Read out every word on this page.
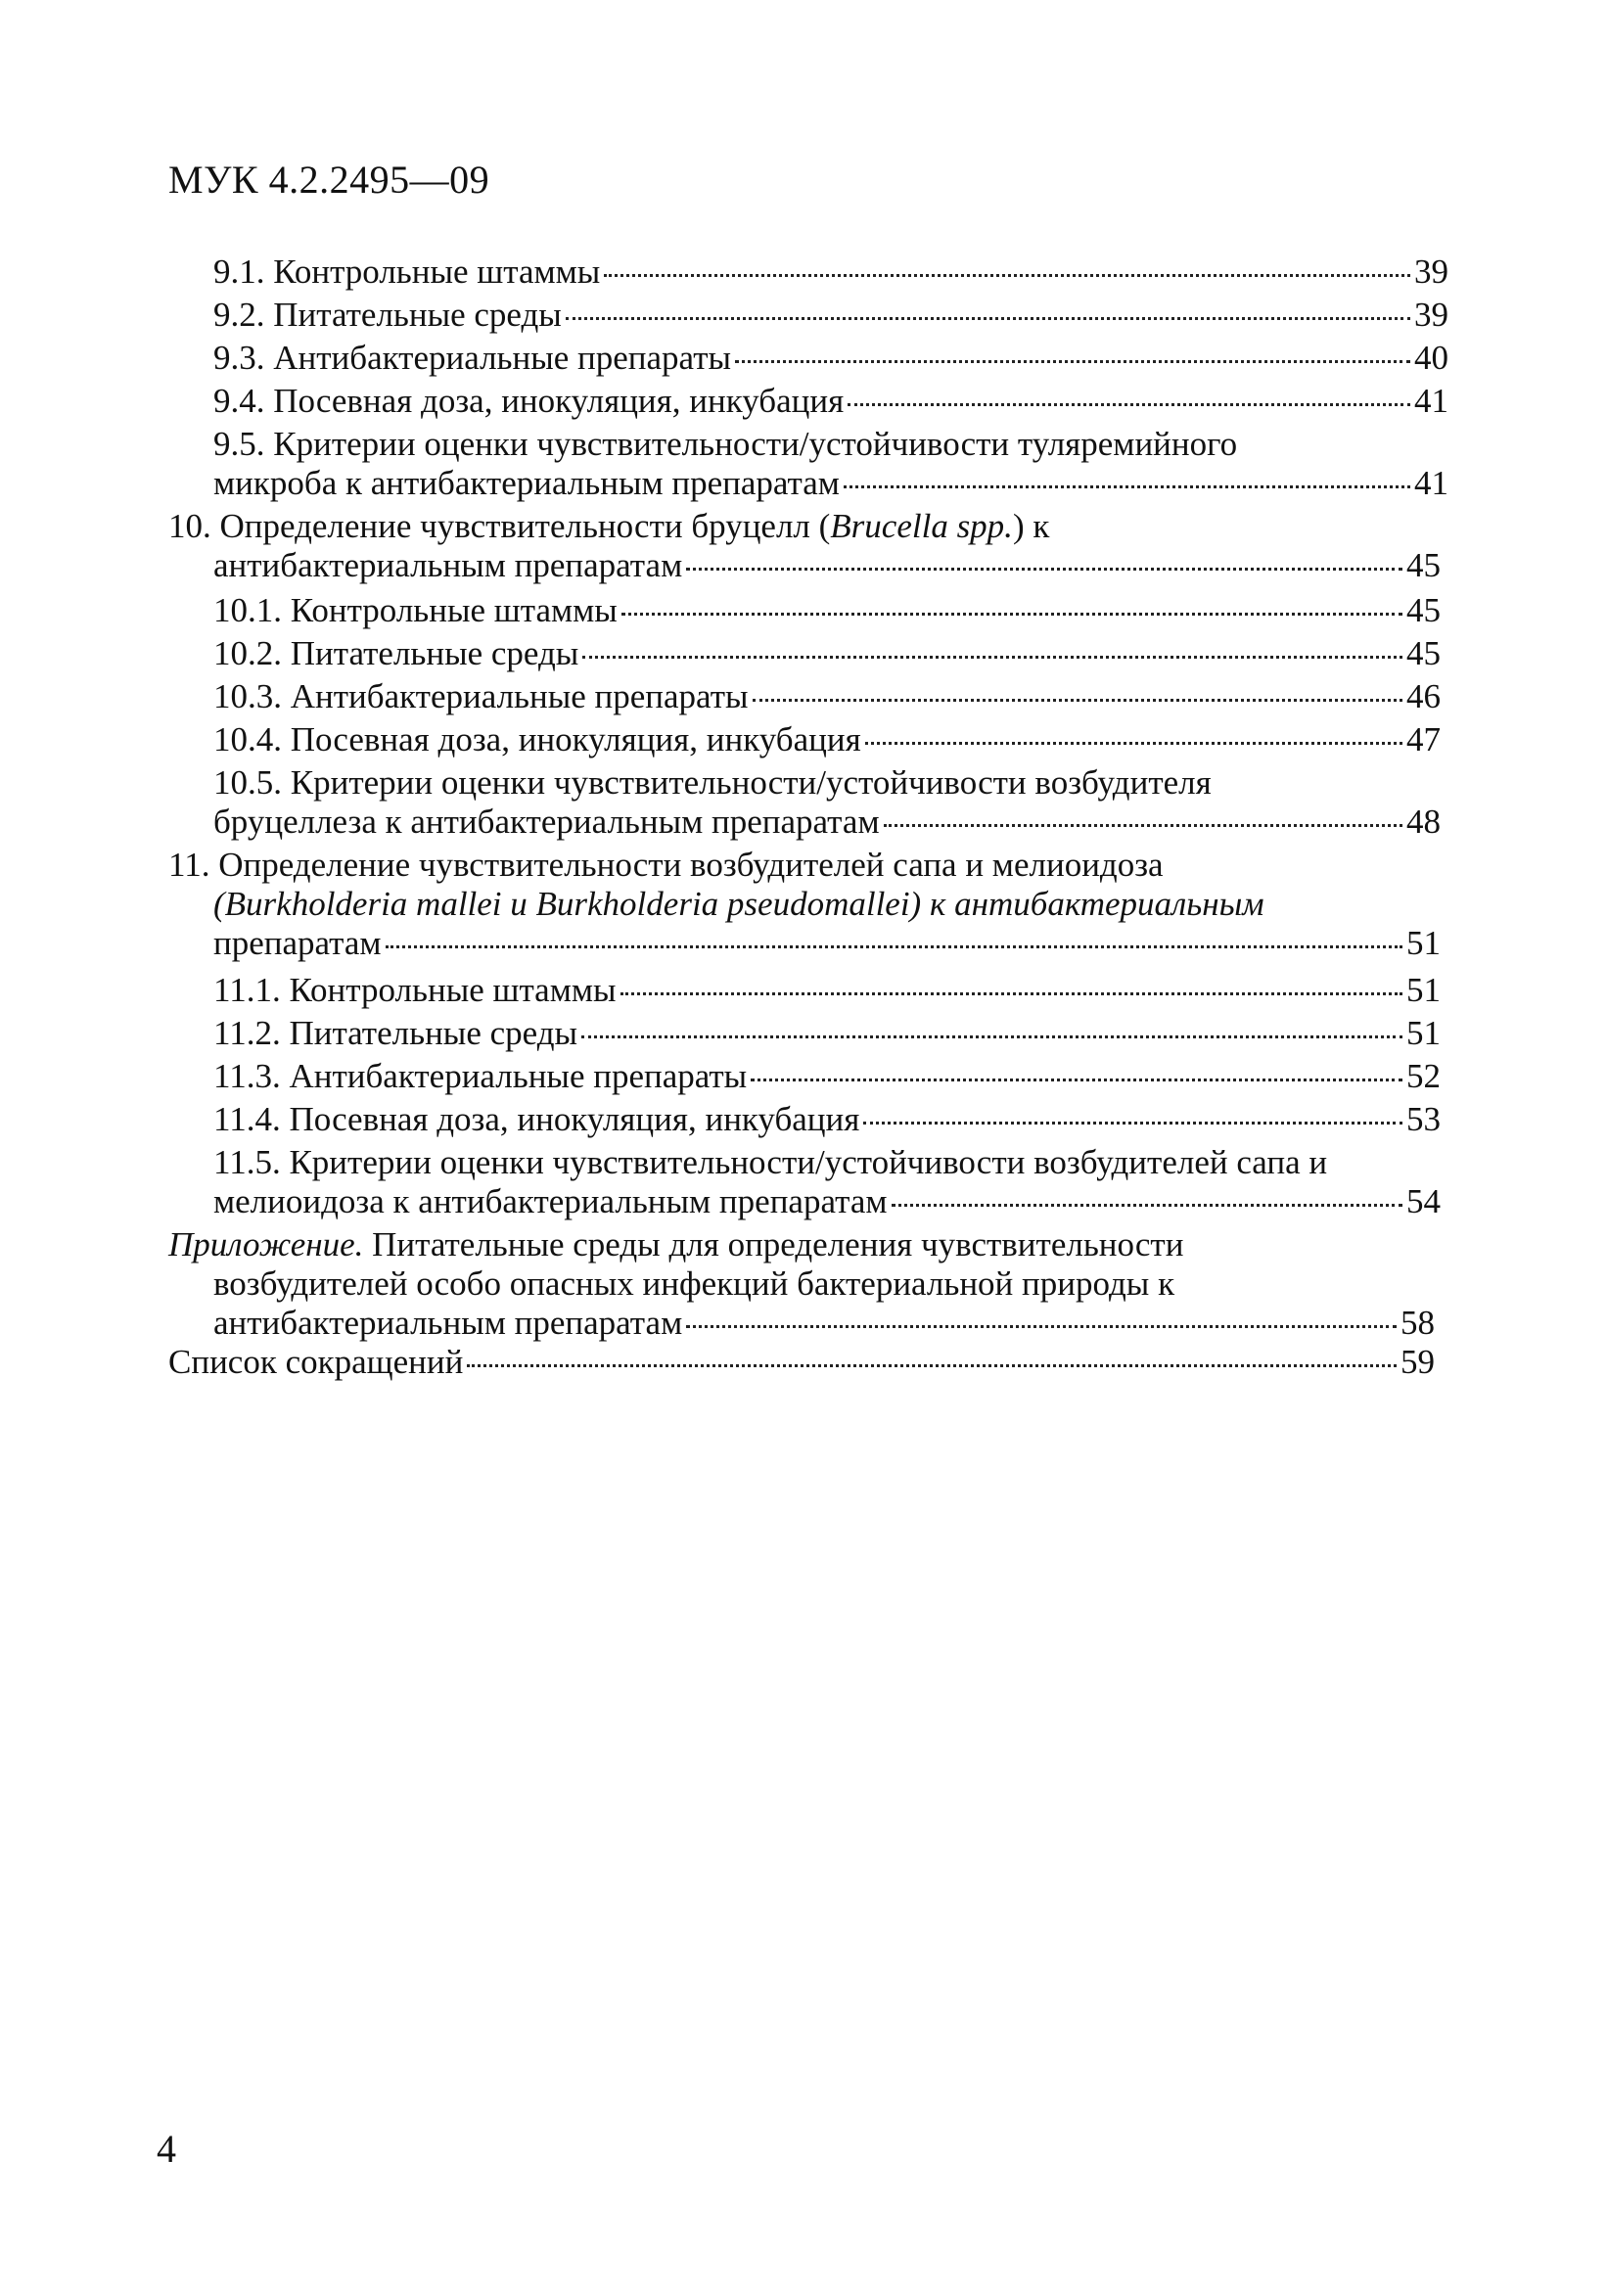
МУК 4.2.2495—09
9.1. Контрольные штаммы	39
9.2. Питательные среды	39
9.3. Антибактериальные препараты	40
9.4. Посевная доза, инокуляция, инкубация	41
9.5. Критерии оценки чувствительности/устойчивости туляремийного
микроба к антибактериальным препаратам	41
10. Определение чувствительности бруцелл (Brucella spp.) к
антибактериальным препаратам	45
10.1. Контрольные штаммы	45
10.2. Питательные среды	45
10.3. Антибактериальные препараты	46
10.4. Посевная доза, инокуляция, инкубация	47
10.5. Критерии оценки чувствительности/устойчивости возбудителя
бруцеллеза к антибактериальным препаратам	48
11. Определение чувствительности возбудителей сапа и мелиоидоза
(Burkholderia mallei и Burkholderia pseudomallei) к антибактериальным
препаратам	51
11.1. Контрольные штаммы	51
11.2. Питательные среды	51
11.3. Антибактериальные препараты	52
11.4. Посевная доза, инокуляция, инкубация	53
11.5. Критерии оценки чувствительности/устойчивости возбудителей сапа и
мелиоидоза к антибактериальным препаратам	54
Приложение. Питательные среды для определения чувствительности
возбудителей особо опасных инфекций бактериальной природы к
антибактериальным препаратам	58
Список сокращений	59
4
